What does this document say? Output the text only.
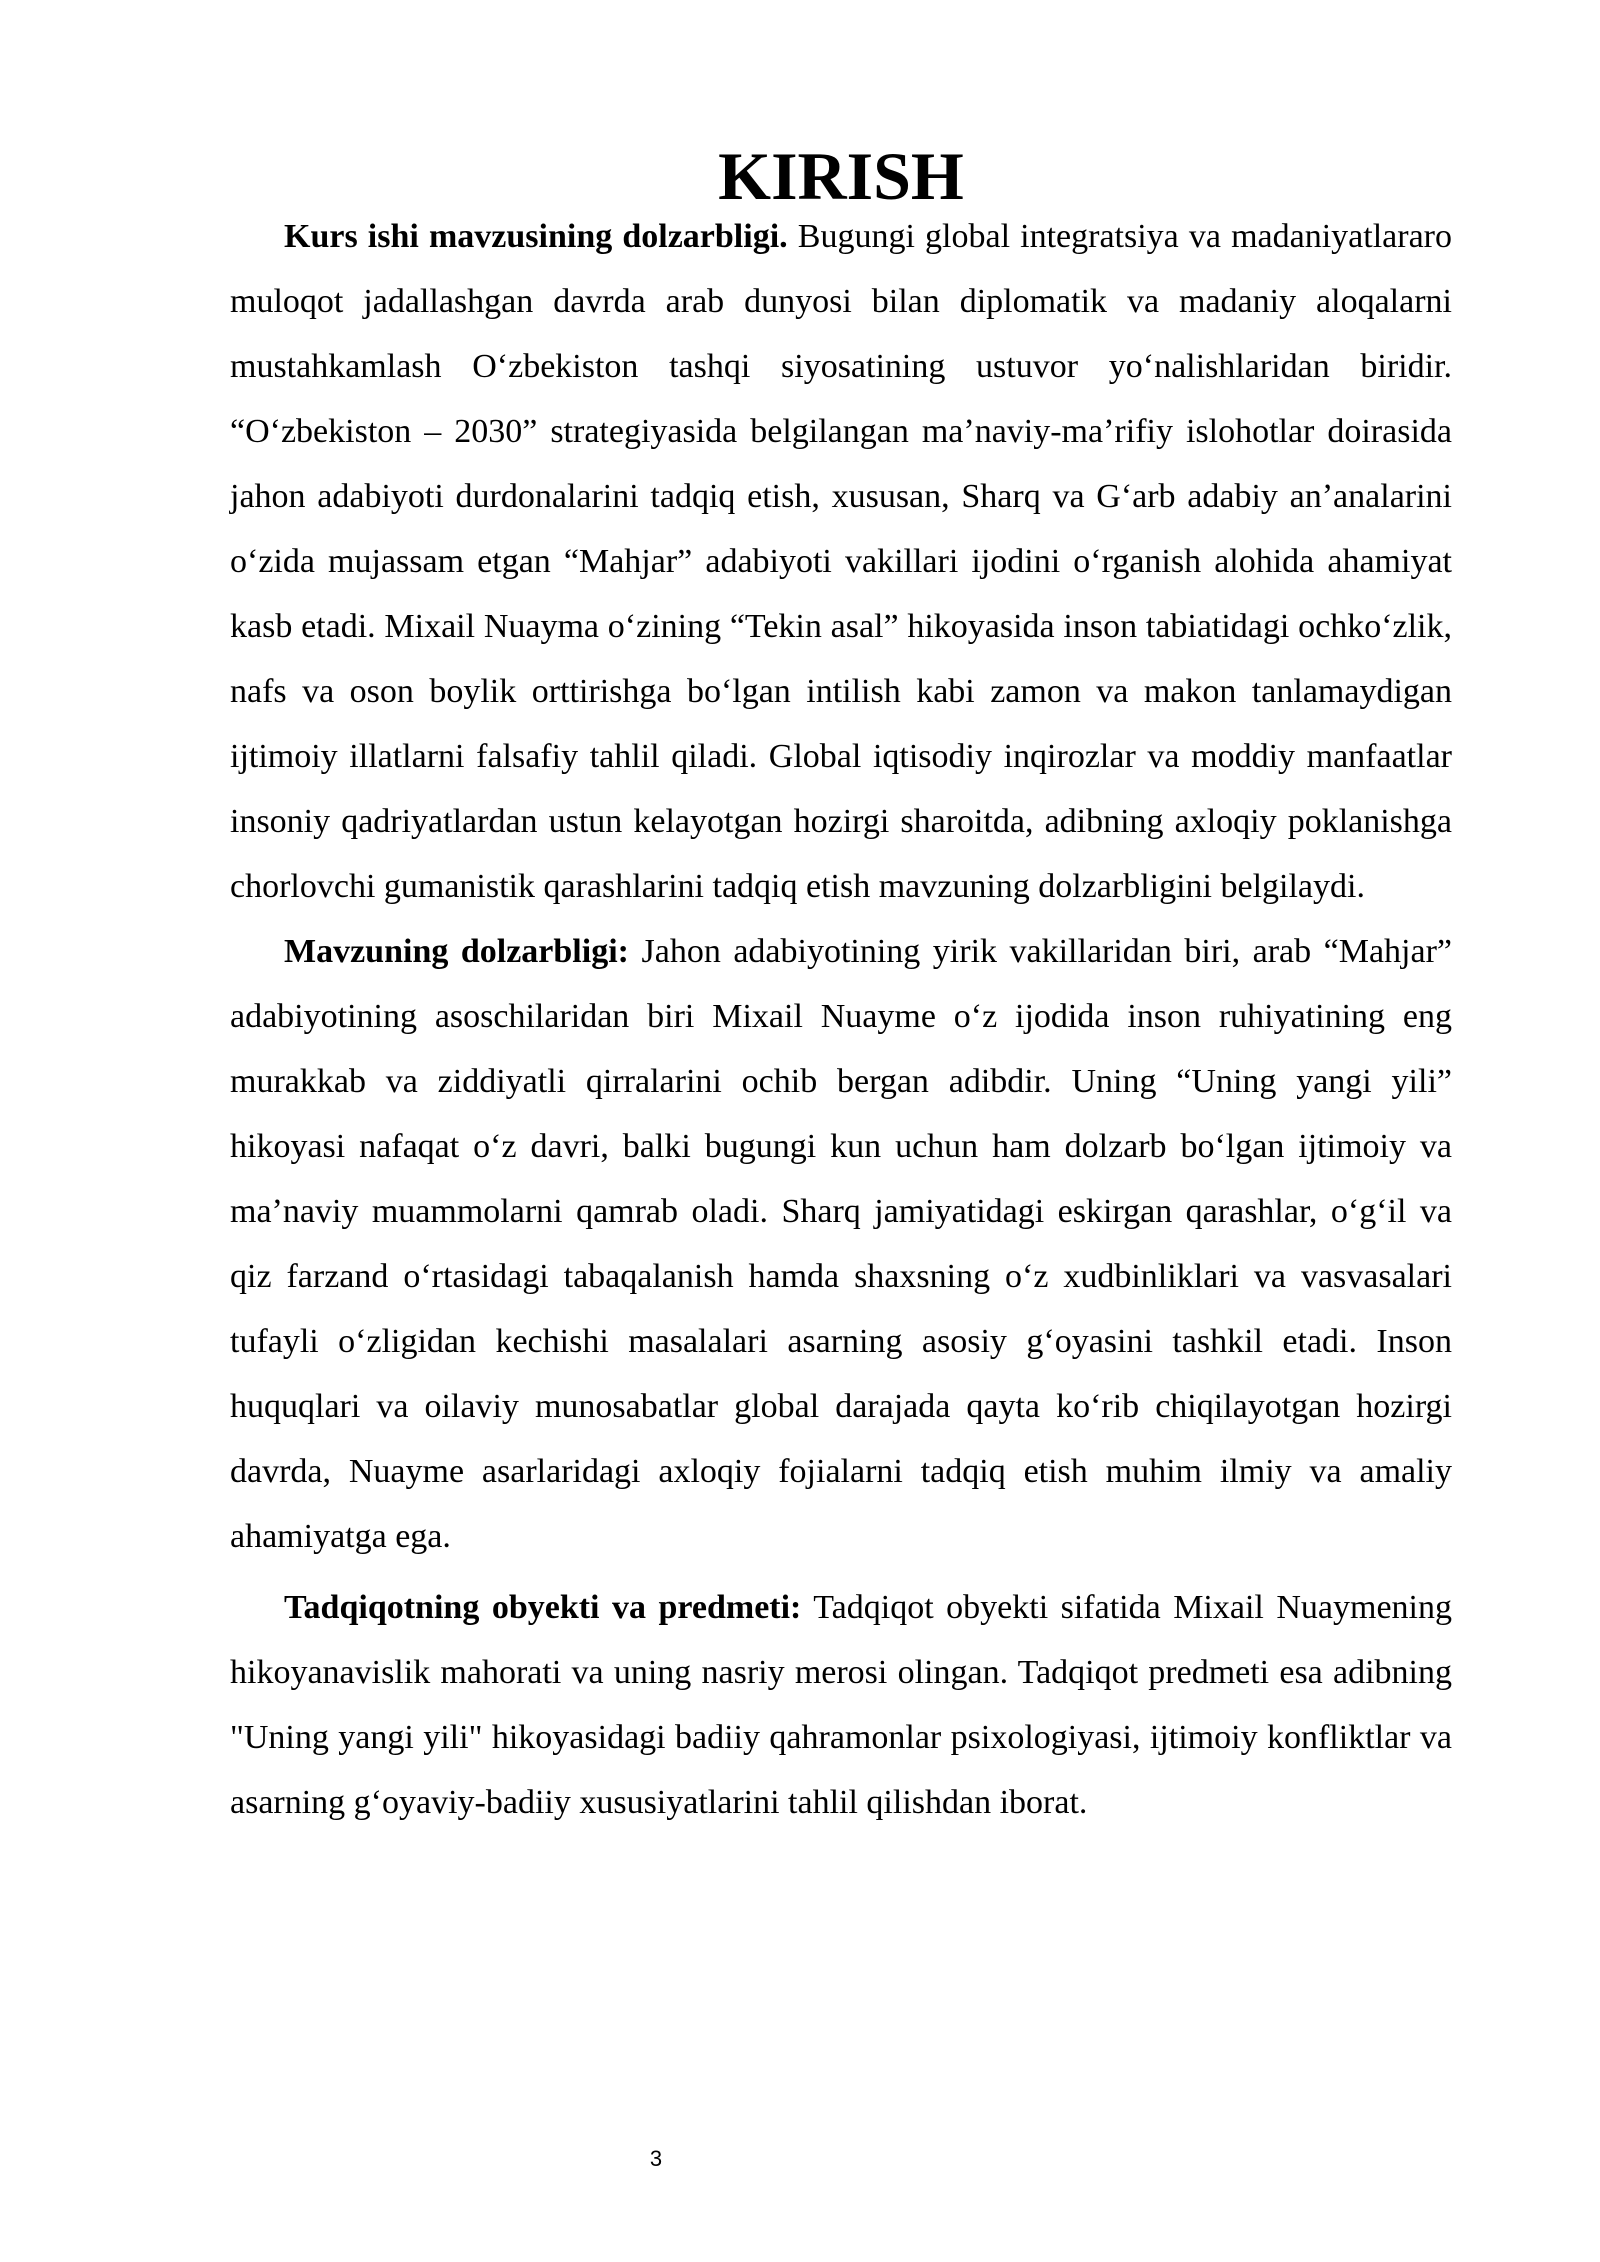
KIRISH

Kurs ishi mavzusining dolzarbligi. Bugungi global integratsiya va madaniyatlararo muloqot jadallashgan davrda arab dunyosi bilan diplomatik va madaniy aloqalarni mustahkamlash Oʻzbekiston tashqi siyosatining ustuvor yoʻnalishlaridan biridir. “Oʻzbekiston – 2030” strategiyasida belgilangan maʼnaviy-maʼrifiy islohotlar doirasida jahon adabiyoti durdonalarini tadqiq etish, xususan, Sharq va Gʻarb adabiy anʼanalarini oʻzida mujassam etgan “Mahjar” adabiyoti vakillari ijodini oʻrganish alohida ahamiyat kasb etadi. Mixail Nuayma oʻzining “Tekin asal” hikoyasida inson tabiatidagi ochkoʻzlik, nafs va oson boylik orttirishga boʻlgan intilish kabi zamon va makon tanlamaydigan ijtimoiy illatlarni falsafiy tahlil qiladi. Global iqtisodiy inqirozlar va moddiy manfaatlar insoniy qadriyatlardan ustun kelayotgan hozirgi sharoitda, adibning axloqiy poklanishga chorlovchi gumanistik qarashlarini tadqiq etish mavzuning dolzarbligini belgilaydi.

Mavzuning dolzarbligi: Jahon adabiyotining yirik vakillaridan biri, arab “Mahjar” adabiyotining asoschilaridan biri Mixail Nuayme oʻz ijodida inson ruhiyatining eng murakkab va ziddiyatli qirralarini ochib bergan adibdir. Uning “Uning yangi yili” hikoyasi nafaqat oʻz davri, balki bugungi kun uchun ham dolzarb boʻlgan ijtimoiy va maʼnaviy muammolarni qamrab oladi. Sharq jamiyatidagi eskirgan qarashlar, oʻgʻil va qiz farzand oʻrtasidagi tabaqalanish hamda shaxsning oʻz xudbinliklari va vasvasalari tufayli oʻzligidan kechishi masalalari asarning asosiy gʻoyasini tashkil etadi. Inson huquqlari va oilaviy munosabatlar global darajada qayta koʻrib chiqilayotgan hozirgi davrda, Nuayme asarlaridagi axloqiy fojialarni tadqiq etish muhim ilmiy va amaliy ahamiyatga ega.

Tadqiqotning obyekti va predmeti: Tadqiqot obyekti sifatida Mixail Nuaymening hikoyanavislik mahorati va uning nasriy merosi olingan. Tadqiqot predmeti esa adibning "Uning yangi yili" hikoyasidagi badiiy qahramonlar psixologiyasi, ijtimoiy konfliktlar va asarning gʻoyaviy-badiiy xususiyatlarini tahlil qilishdan iborat.

3
